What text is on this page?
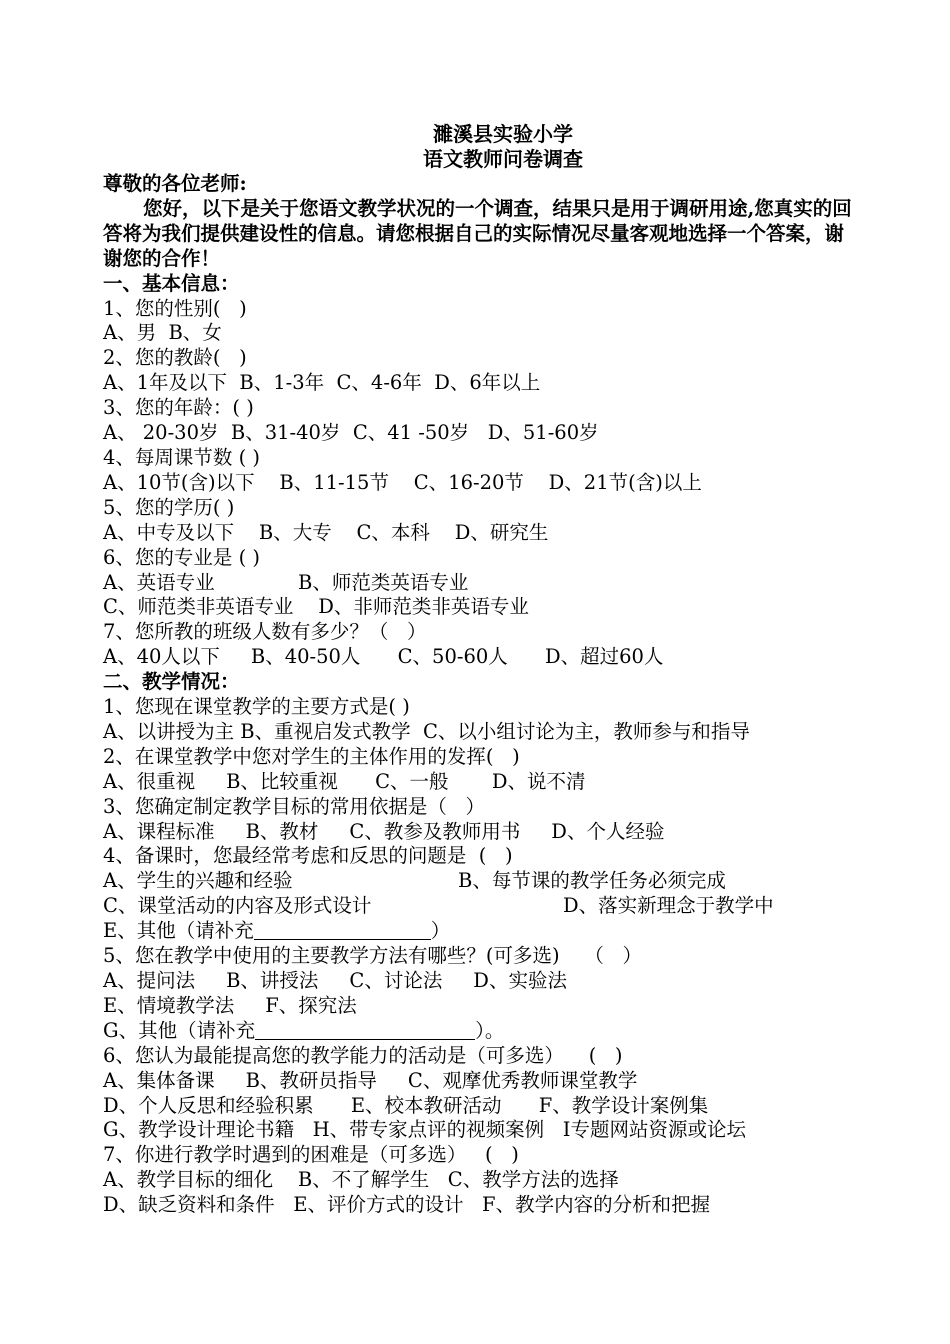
濉溪县实验小学
语文教师问卷调查
尊敬的各位老师:
您好，以下是关于您语文教学状况的一个调查，结果只是用于调研用途,您真实的回答将为我们提供建设性的信息。请您根据自己的实际情况尽量客观地选择一个答案，谢谢您的合作！
一、基本信息：
1、您的性别(   )
A、男  B、女
2、您的教龄(   )
A、1年及以下  B、1-3年  C、4-6年  D、6年以上
3、您的年龄：( )
A、 20-30岁  B、31-40岁  C、41 -50岁   D、51-60岁
4、每周课节数 ( )
A、10节(含)以下    B、11-15节    C、16-20节    D、21节(含)以上
5、您的学历( )
A、中专及以下    B、大专    C、本科    D、研究生
6、您的专业是 ( )
A、英语专业	B、师范类英语专业
C、师范类非英语专业    D、非师范类非英语专业
7、您所教的班级人数有多少？（   ）
A、40人以下     B、40-50人      C、50-60人      D、超过60人
二、教学情况：
1、您现在课堂教学的主要方式是( )
A、以讲授为主 B、重视启发式教学  C、以小组讨论为主，教师参与和指导
2、在课堂教学中您对学生的主体作用的发挥(   )
A、很重视     B、比较重视      C、一般       D、说不清
3、您确定制定教学目标的常用依据是（   ）
A、课程标准     B、教材     C、教参及教师用书     D、个人经验
4、备课时，您最经常考虑和反思的问题是  (   )
A、学生的兴趣和经验	B、每节课的教学任务必须完成
C、课堂活动的内容及形式设计	D、落实新理念于教学中
E、其他（请补充	）
5、您在教学中使用的主要教学方法有哪些？(可多选)    （   ）
A、提问法     B、讲授法     C、讨论法     D、实验法
E、情境教学法     F、探究法
G、其他（请补充	）。
6、您认为最能提高您的教学能力的活动是（可多选）    (   )
A、集体备课     B、教研员指导     C、观摩优秀教师课堂教学
D、个人反思和经验积累      E、校本教研活动      F、教学设计案例集
G、教学设计理论书籍   H、带专家点评的视频案例   I专题网站资源或论坛
7、你进行教学时遇到的困难是（可多选）   (   )
A、教学目标的细化    B、不了解学生   C、教学方法的选择
D、缺乏资料和条件   E、评价方式的设计   F、教学内容的分析和把握
